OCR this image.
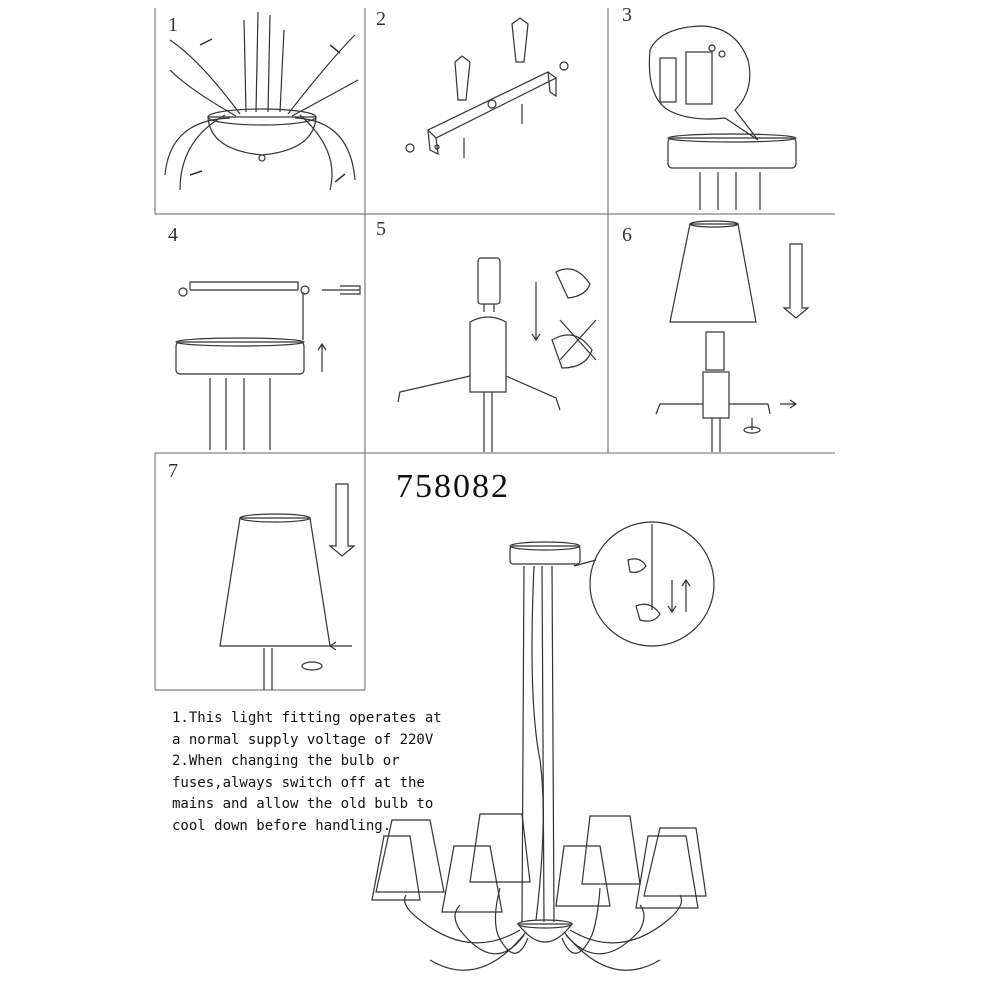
1	2	3
4	5	6
7	758082
1.This light fitting operates at
a normal supply voltage of 220V
2.When changing the bulb or
fuses,always switch off at the
mains and allow the old bulb to
cool down before handling.
